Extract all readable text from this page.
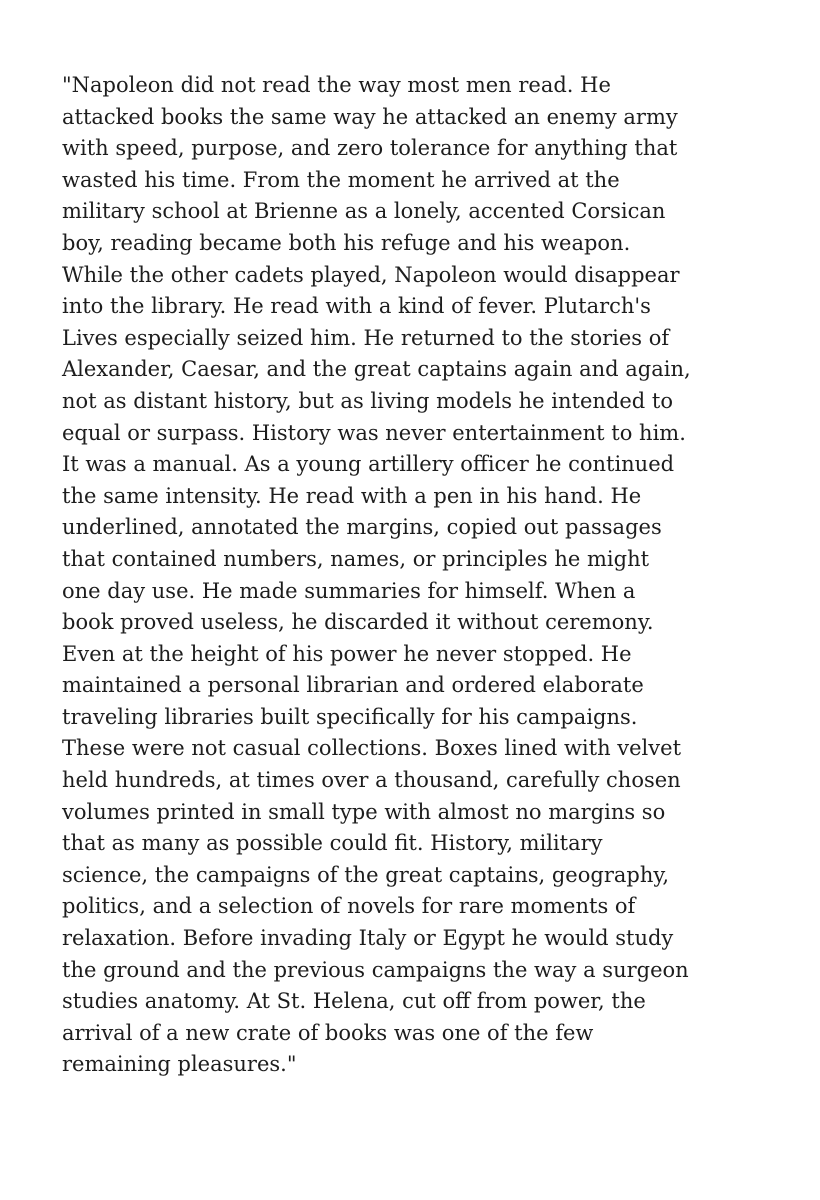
"Napoleon did not read the way most men read. He
attacked books the same way he attacked an enemy army
with speed, purpose, and zero tolerance for anything that
wasted his time. From the moment he arrived at the
military school at Brienne as a lonely, accented Corsican
boy, reading became both his refuge and his weapon.
While the other cadets played, Napoleon would disappear
into the library. He read with a kind of fever. Plutarch's
Lives especially seized him. He returned to the stories of
Alexander, Caesar, and the great captains again and again,
not as distant history, but as living models he intended to
equal or surpass. History was never entertainment to him.
It was a manual. As a young artillery officer he continued
the same intensity. He read with a pen in his hand. He
underlined, annotated the margins, copied out passages
that contained numbers, names, or principles he might
one day use. He made summaries for himself. When a
book proved useless, he discarded it without ceremony.
Even at the height of his power he never stopped. He
maintained a personal librarian and ordered elaborate
traveling libraries built specifically for his campaigns.
These were not casual collections. Boxes lined with velvet
held hundreds, at times over a thousand, carefully chosen
volumes printed in small type with almost no margins so
that as many as possible could fit. History, military
science, the campaigns of the great captains, geography,
politics, and a selection of novels for rare moments of
relaxation. Before invading Italy or Egypt he would study
the ground and the previous campaigns the way a surgeon
studies anatomy. At St. Helena, cut off from power, the
arrival of a new crate of books was one of the few
remaining pleasures."
